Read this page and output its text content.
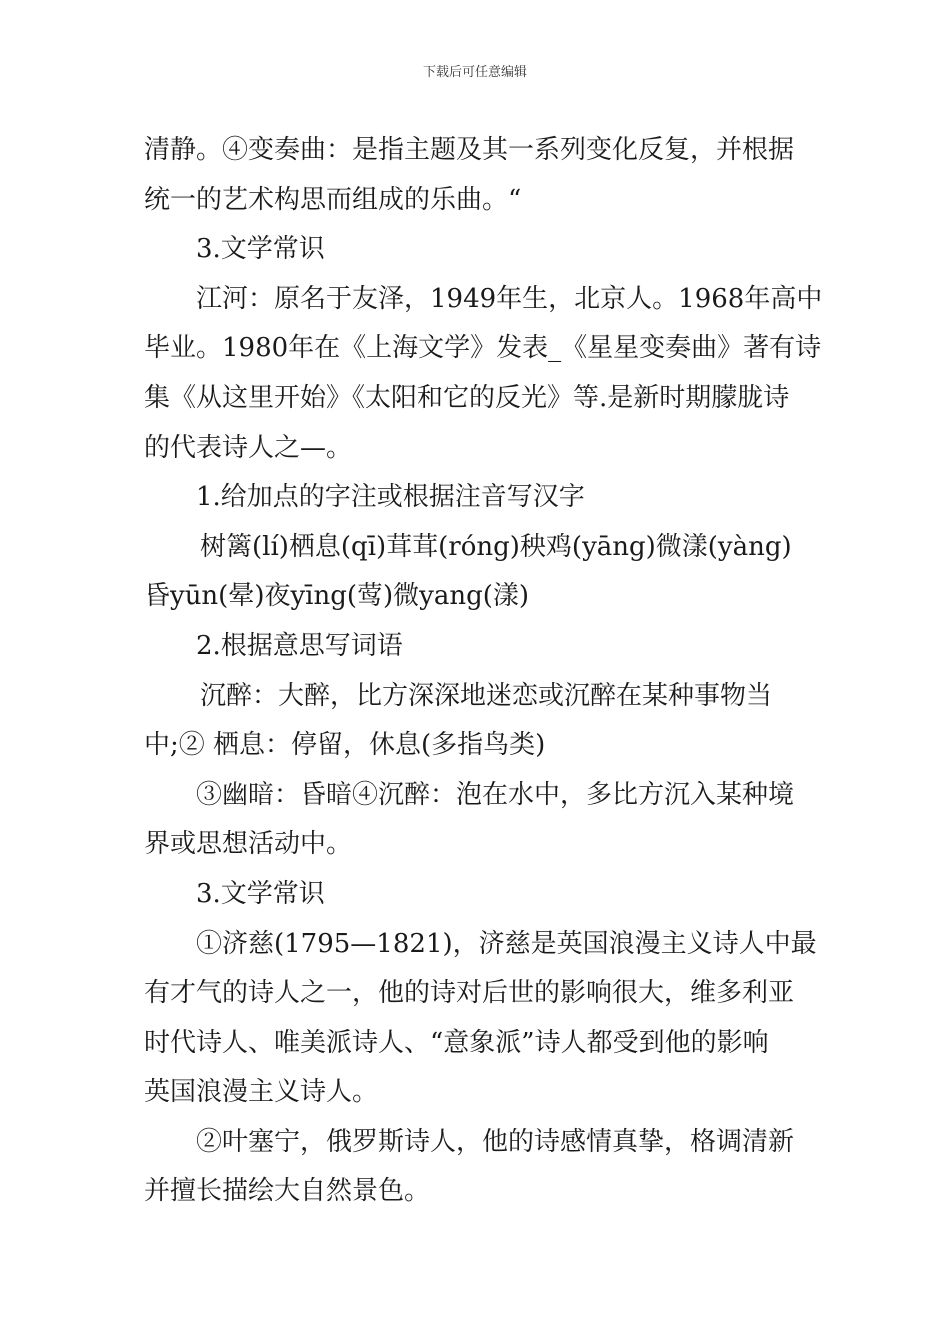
下载后可任意编辑
清静。④变奏曲：是指主题及其一系列变化反复，并根据
统一的艺术构思而组成的乐曲。“
3.文学常识
江河：原名于友泽，1949年生，北京人。1968年高中
毕业。1980年在《上海文学》发表_《星星变奏曲》著有诗
集《从这里开始》《太阳和它的反光》等.是新时期朦胧诗
的代表诗人之—。
1.给加点的字注或根据注音写汉字
树篱(lí)栖息(qī)茸茸(róng)秧鸡(yāng)微漾(yàng)
昏yūn(晕)夜yīng(莺)微yang(漾)
2.根据意思写词语
沉醉：大醉，比方深深地迷恋或沉醉在某种事物当
中;② 栖息：停留，休息(多指鸟类)
③幽暗：昏暗④沉醉：泡在水中，多比方沉入某种境
界或思想活动中。
3.文学常识
①济慈(1795—1821)，济慈是英国浪漫主义诗人中最
有才气的诗人之一，他的诗对后世的影响很大，维多利亚
时代诗人、唯美派诗人、“意象派”诗人都受到他的影响
英国浪漫主义诗人。
②叶塞宁，俄罗斯诗人，他的诗感情真挚，格调清新
并擅长描绘大自然景色。
